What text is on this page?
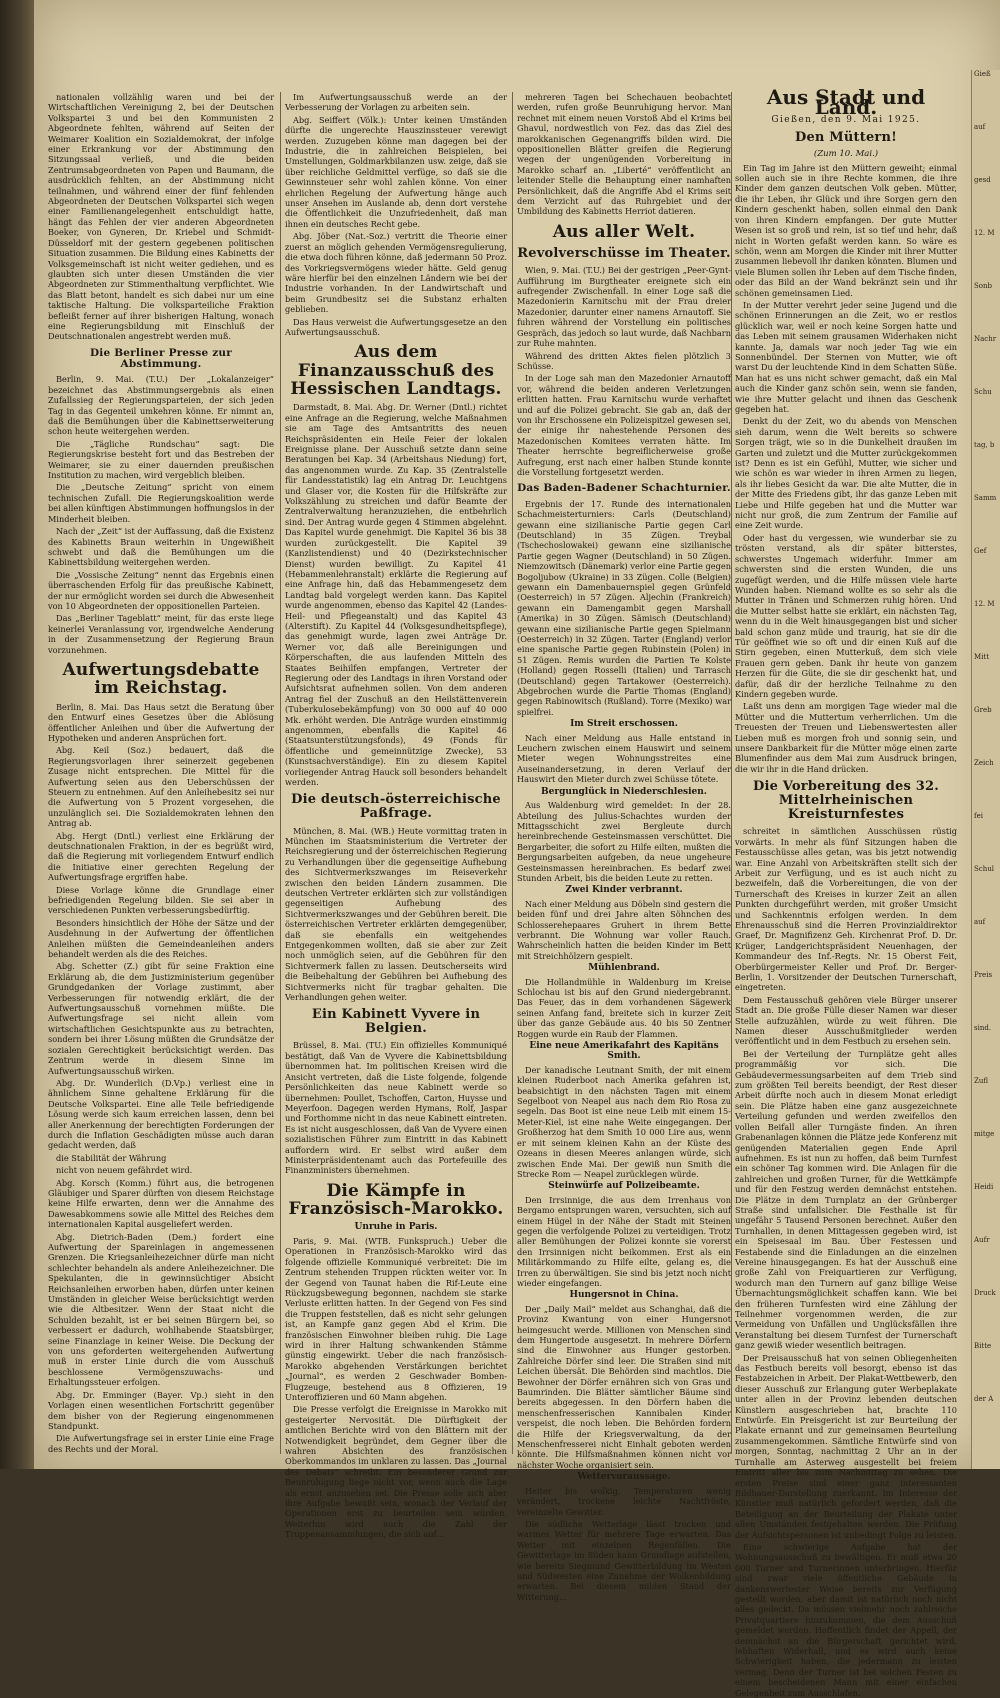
nationalen vollzählig waren und bei der Wirtschaftlichen Vereinigung 2, bei der Deutschen Volkspartei 3 und bei den Kommunisten 2 Abgeordnete fehlten, während auf Seiten der Weimarer Koalition ein Sozialdemokrat, der infolge einer Erkrankung vor der Abstimmung den Sitzungssaal verließ, und die beiden Zentrumsabgeordneten von Papen und Baumann, die ausdrücklich fehlten, an der Abstimmung nicht teilnahmen, und während einer der fünf fehlenden Abgeordneten der Deutschen Volkspartei sich wegen einer Familienangelegenheit entschuldigt hatte, hängt das Fehlen der vier anderen Abgeordneten Boeker, von Gyneren, Dr. Kriebel und Schmidt-Düsseldorf mit der gestern gegebenen politischen Situation zusammen. Die Bildung eines Kabinetts der Volksgemeinschaft ist nicht weiter gediehen, und es glaubten sich unter diesen Umständen die vier Abgeordneten zur Stimmenthaltung verpflichtet. Wie das Blatt betont, handelt es sich dabei nur um eine taktische Haltung. Die volksparteiliche Fraktion befleißt ferner auf ihrer bisherigen Haltung, wonach eine Regierungsbildung mit Einschluß der Deutschnationalen angestrebt werden muß.

Die Berliner Presse zur Abstimmung.

Berlin, 9. Mai. (T.U.) Der „Lokalanzeiger“ bezeichnet das Abstimmungsergebnis als einen Zufallssieg der Regierungsparteien, der sich jeden Tag in das Gegenteil umkehren könne. Er nimmt an, daß die Bemühungen über die Kabinettserweiterung schon heute weitergehen werden.

Die „Tägliche Rundschau“ sagt: Die Regierungskrise besteht fort und das Bestreben der Weimarer, sie zu einer dauernden preußischen Institution zu machen, wird vergeblich bleiben.

Die „Deutsche Zeitung“ spricht von einem technischen Zufall. Die Regierungskoalition werde bei allen künftigen Abstimmungen hoffnungslos in der Minderheit bleiben.

Nach der „Zeit“ ist der Auffassung, daß die Existenz des Kabinetts Braun weiterhin in Ungewißheit schwebt und daß die Bemühungen um die Kabinettsbildung weitergehen werden.

Die „Vossische Zeitung“ nennt das Ergebnis einen überraschenden Erfolg für das preußische Kabinett, der nur ermöglicht worden sei durch die Abwesenheit von 10 Abgeordneten der oppositionellen Parteien.

Das „Berliner Tageblatt“ meint, für das erste liege keinerlei Veranlassung vor, irgendwelche Aenderung in der Zusammensetzung der Regierung Braun vorzunehmen.

Aufwertungsdebatte im Reichstag.

Berlin, 8. Mai. Das Haus setzt die Beratung über den Entwurf eines Gesetzes über die Ablösung öffentlicher Anleihen und über die Aufwertung der Hypotheken und anderen Ansprüchen fort.

Abg. Keil (Soz.) bedauert, daß die Regierungsvorlagen ihrer seinerzeit gegebenen Zusage nicht entsprechen. Die Mittel für die Aufwertung seien aus den Ueberschüssen der Steuern zu entnehmen. Auf den Anleihebesitz sei nur die Aufwertung von 5 Prozent vorgesehen, die unzulänglich sei. Die Sozialdemokraten lehnen den Antrag ab.

Abg. Hergt (Dntl.) verliest eine Erklärung der deutschnationalen Fraktion, in der es begrüßt wird, daß die Regierung mit vorliegendem Entwurf endlich die Initiative einer gerechten Regelung der Aufwertungsfrage ergriffen habe.

Diese Vorlage könne die Grundlage einer befriedigenden Regelung bilden. Sie sei aber in verschiedenen Punkten verbesserungsbedürftig.

Besonders hinsichtlich der Höhe der Sätze und der Ausdehnung in der Aufwertung der öffentlichen Anleihen müßten die Gemeindeanleihen anders behandelt werden als die des Reiches.

Abg. Schetter (Z.) gibt für seine Fraktion eine Erklärung ab, die dem Justizministerium gegenüber Grundgedanken der Vorlage zustimmt, aber Verbesserungen für notwendig erklärt, die der Aufwertungsausschuß vornehmen müßte. Die Aufwertungsfrage sei nicht allein vom wirtschaftlichen Gesichtspunkte aus zu betrachten, sondern bei ihrer Lösung müßten die Grundsätze der sozialen Gerechtigkeit berücksichtigt werden. Das Zentrum werde in diesem Sinne im Aufwertungsausschuß wirken.

Abg. Dr. Wunderlich (D.Vp.) verliest eine in ähnlichem Sinne gehaltene Erklärung für die Deutsche Volkspartei. Eine alle Teile befriedigende Lösung werde sich kaum erreichen lassen, denn bei aller Anerkennung der berechtigten Forderungen der durch die Inflation Geschädigten müsse auch daran gedacht werden, daß

die Stabilität der Währung

nicht von neuem gefährdet wird.

Abg. Korsch (Komm.) führt aus, die betrogenen Gläubiger und Sparer dürften von diesem Reichstage keine Hilfe erwarten, denn wer die Annahme des Dawesabkommens sowie alle Mittel des Reiches dem internationalen Kapital ausgeliefert werden.

Abg. Dietrich-Baden (Dem.) fordert eine Aufwertung der Spareinlagen in angemessenen Grenzen. Die Kriegsanleihezeichner dürfe man nicht schlechter behandeln als andere Anleihezeichner. Die Spekulanten, die in gewinnsüchtiger Absicht Reichsanleihen erworben haben, dürfen unter keinen Umständen in gleicher Weise berücksichtigt werden wie die Altbesitzer. Wenn der Staat nicht die Schulden bezahlt, ist er bei seinen Bürgern bei, so verbessert er dadurch, wohlhabende Staatsbürger, seine Finanzlage in keiner Weise. Die Deckung der von uns geforderten weitergehenden Aufwertung muß in erster Linie durch die vom Ausschuß beschlossene Vermögenszuwachs- und Erhaltungssteuer erfolgen.

Abg. Dr. Emminger (Bayer. Vp.) sieht in den Vorlagen einen wesentlichen Fortschritt gegenüber dem bisher von der Regierung eingenommenen Standpunkt.

Die Aufwertungsfrage sei in erster Linie eine Frage des Rechts und der Moral.

Im Aufwertungsausschuß werde an der Verbesserung der Vorlagen zu arbeiten sein.

Abg. Seiffert (Völk.): Unter keinen Umständen dürfte die ungerechte Hauszinssteuer verewigt werden. Zuzugeben könne man dagegen bei der Industrie, die in zahlreichen Beispielen, bei Umstellungen, Goldmarkbilanzen usw. zeige, daß sie über reichliche Geldmittel verfüge, so daß sie die Gewinnsteuer sehr wohl zahlen könne. Von einer ehrlichen Regelung der Aufwertung hänge auch unser Ansehen im Auslande ab, denn dort verstehe die Öffentlichkeit die Unzufriedenheit, daß man ihnen ein deutsches Recht gebe.

Abg. Jöber (Nat.-Soz.) vertritt die Theorie einer zuerst an möglich gehenden Vermögensregulierung, die etwa doch führen könne, daß jedermann 50 Proz. des Vorkriegsvermögens wieder hätte. Geld genug wäre hierfür bei den einzelnen Ländern wie bei der Industrie vorhanden. In der Landwirtschaft und beim Grundbesitz sei die Substanz erhalten geblieben.

Das Haus verweist die Aufwertungsgesetze an den Aufwertungsausschuß.

Aus dem Finanzausschuß des Hessischen Landtags.

Darmstadt, 8. Mai. Abg. Dr. Werner (Dntl.) richtet eine Anfrage an die Regierung, welche Maßnahmen sie am Tage des Amtsantritts des neuen Reichspräsidenten ein Heile Feier der lokalen Ereignisse plane. Der Ausschuß setzte dann seine Beratungen bei Kap. 34 (Arbeitshaus Niedung) fort, das angenommen wurde. Zu Kap. 35 (Zentralstelle für Landesstatistik) lag ein Antrag Dr. Leuchtgens und Glaser vor, die Kosten für die Hilfskräfte zur Volkszählung zu streichen und dafür Beamte der Zentralverwaltung heranzuziehen, die entbehrlich sind. Der Antrag wurde gegen 4 Stimmen abgelehnt. Das Kapitel wurde genehmigt. Die Kapitel 36 bis 38 wurden zurückgestellt. Die Kapitel 39 (Kanzlistendienst) und 40 (Dezirkstechnischer Dienst) wurden bewilligt. Zu Kapitel 41 (Hebammenlehranstalt) erklärte die Regierung auf eine Anfrage hin, daß das Hebammengesetz dem Landtag bald vorgelegt werden kann. Das Kapitel wurde angenommen, ebenso das Kapitel 42 (Landes-Heil- und Pflegeanstalt) und das Kapitel 43 (Alterstift). Zu Kapitel 44 (Volksgesundheitspflege), das genehmigt wurde, lagen zwei Anträge Dr. Werner vor, daß alle Bereinigungen und Körperschaften, die aus laufenden Mitteln des Staates Beihilfen empfangen, Vertreter der Regierung oder des Landtags in ihren Vorstand oder Aufsichtsrat aufnehmen sollen. Von dem anderen Antrag fiel der Zuschuß an den Heilstättenverein (Tuberkulosebekämpfung) von 30 000 auf 40 000 Mk. erhöht werden. Die Anträge wurden einstimmig angenommen, ebenfalls die Kapitel 46 (Staatsunterstützungsfonds), 49 (Fonds für öffentliche und gemeinnützige Zwecke), 53 (Kunstsachverständige). Ein zu diesem Kapitel vorliegender Antrag Hauck soll besonders behandelt werden.

Die deutsch-österreichische Paßfrage.

München, 8. Mai. (WB.) Heute vormittag traten in München im Staatsministerium die Vertreter der Reichsregierung und der österreichischen Regierung zu Verhandlungen über die gegenseitige Aufhebung des Sichtvermerkszwanges im Reiseverkehr zwischen den beiden Ländern zusammen. Die deutschen Vertreter erklärten sich zur vollständigen gegenseitigen Aufhebung des Sichtvermerkszwanges und der Gebühren bereit. Die österreichischen Vertreter erklärten demgegenüber, daß sie ebenfalls ein weitgehendes Entgegenkommen wollten, daß sie aber zur Zeit noch unmöglich seien, auf die Gebühren für den Sichtvermerk fallen zu lassen. Deutscherseits wird die Beibehaltung der Gebühren bei Aufhebung des Sichtvermerks nicht für tragbar gehalten. Die Verhandlungen gehen weiter.

Ein Kabinett Vyvere in Belgien.

Brüssel, 8. Mai. (TU.) Ein offizielles Kommuniqué bestätigt, daß Van de Vyvere die Kabinettsbildung übernommen hat. Im politischen Kreisen wird die Ansicht vertreten, daß die Liste folgende, folgende Persönlichkeiten das neue Kabinett werde so übernehmen: Poullet, Tschoffen, Carton, Huysse und Meyerfoon. Dagegen werden Hymans, Rolf, Jaspar und Forthomme nicht in das neue Kabinett eintreten. Es ist nicht ausgeschlossen, daß Van de Vyvere einen sozialistischen Führer zum Eintritt in das Kabinett auffordern wird. Er selbst wird außer dem Ministerpräsidentenamt auch das Portefeuille des Finanzministers übernehmen.

Die Kämpfe in Französisch-Marokko.
Unruhe in Paris.

Paris, 9. Mai. (WTB. Funkspruch.) Ueber die Operationen in Französisch-Marokko wird das folgende offizielle Kommuniqué verbreitet: Die im Zentrum stehenden Truppen rückten weiter vor. In der Gegend von Taunat haben die Rif-Leute eine Rückzugsbewegung begonnen, nachdem sie starke Verluste erlitten hatten. In der Gegend von Fes sind die Truppen feststellen, daß es nicht sehr gelungen ist, an Kampfe ganz gegen Abd el Krim. Die französischen Einwohner bleiben ruhig. Die Lage wird in ihrer Haltung schwankenden Stämme günstig eingewirkt. Ueber die nach französisch-Marokko abgehenden Verstärkungen berichtet „Journal“, es werden 2 Geschwader Bomben-Flugzeuge, bestehend aus 8 Offizieren, 19 Unteroffizieren und 60 Mann abgehen.

Die Presse verfolgt die Ereignisse in Marokko mit gesteigerter Nervosität. Die Dürftigkeit der amtlichen Berichte wird von den Blättern mit der Notwendigkeit begründet, dem Gegner über die wahren Absichten des französischen Oberkommandos im unklaren zu lassen. Das „Journal des Debats“ schreibt: Ein besonderer Grund zur Beunruhigung liege nicht vor, wenn auch die Lage als ernst anzusehen sei. Die Presse solle sich aber ihre Aufgabe bewußt sein, wonach der Verlauf der Operationen erst zu beurteilen sein würden. Weiterhin wird auch die Zahl der Truppenansammlungen, die sich auf...

mehreren Tagen bei Schechauen beobachtet werden, rufen große Beunruhigung hervor. Man rechnet mit einem neuen Vorstoß Abd el Krims bei Ghavul, nordwestlich von Fez. das das Ziel des marokkanischen Gegenangriffs bilden wird. Die oppositionellen Blätter greifen die Regierung wegen der ungenügenden Vorbereitung in Marokko scharf an. „Liberté“ veröffentlicht an leitender Stelle die Behauptung einer namhaften Persönlichkeit, daß die Angriffe Abd el Krims seit dem Verzicht auf das Ruhrgebiet und der Umbildung des Kabinetts Herriot datieren.

Aus aller Welt.
Revolverschüsse im Theater.

Wien, 9. Mai. (T.U.) Bei der gestrigen „Peer-Gynt-Aufführung im Burgtheater ereignete sich ein aufregender Zwischenfall. In einer Loge saß die Mazedonierin Karnitschu mit der Frau dreier Mazedonier, darunter einer namens Arnautoff. Sie fuhren während der Vorstellung ein politisches Gespräch, das jedoch so laut wurde, daß Nachbarn zur Ruhe mahnten.

Während des dritten Aktes fielen plötzlich 3 Schüsse.

In der Loge sah man den Mazedonier Arnautoff vor, während die beiden anderen Verletzungen erlitten hatten. Frau Karnitschu wurde verhaftet und auf die Polizei gebracht. Sie gab an, daß der von ihr Erschossene ein Polizeispitzel gewesen sei, der einige ihr nahestehende Personen des Mazedonischen Komitees verraten hätte. Im Theater herrschte begreiflicherweise große Aufregung, erst nach einer halben Stunde konnte die Vorstellung fortgesetzt werden.

Das Baden-Badener Schachturnier.

Ergebnis der 17. Runde des internationalen Schachmeisterturniers: Carls (Deutschland) gewann eine sizilianische Partie gegen Carl (Deutschland) in 35 Zügen. Treybal (Tschechoslowakei) gewann eine sizilianische Partie gegen Wagner (Deutschland) in 50 Zügen. Niemzowitsch (Dänemark) verlor eine Partie gegen Bogoljubow (Ukraine) in 33 Zügen. Colle (Belgien) gewann ein Damenbauernspiel gegen Grünfeld (Oesterreich) in 57 Zügen. Aljechin (Frankreich) gewann ein Damengambit gegen Marshall (Amerika) in 30 Zügen. Sämisch (Deutschland) gewann eine sizilianische Partie gegen Spielmann (Oesterreich) in 32 Zügen. Tarter (England) verlor eine spanische Partie gegen Rubinstein (Polen) in 51 Zügen. Remis wurden die Partien Te Kolste (Holland) gegen Rosselli (Italien) und Tarrasch (Deutschland) gegen Tartakower (Oesterreich). Abgebrochen wurde die Partie Thomas (England) gegen Rabinowitsch (Rußland). Torre (Mexiko) war spielfrei.

Im Streit erschossen.

Nach einer Meldung aus Halle entstand in Leuchern zwischen einem Hauswirt und seinem Mieter wegen Wohnungsstreites eine Auseinandersetzung, in deren Verlauf der Hauswirt den Mieter durch zwei Schüsse tötete.

Bergunglück in Niederschlesien.

Aus Waldenburg wird gemeldet: In der 28. Abteilung des Julius-Schachtes wurden der Mittagsschicht zwei Bergleute durch hereinbrechende Gesteinsmassen verschüttet. Die Bergarbeiter, die sofort zu Hilfe eilten, mußten die Bergungsarbeiten aufgeben, da neue ungeheure Gesteinsmassen hereinbrachen. Es bedarf zwei Stunden Arbeit, bis die beiden Leute zu retten.

Zwei Kinder verbrannt.

Nach einer Meldung aus Döbeln sind gestern die beiden fünf und drei Jahre alten Söhnchen des Schlosserehepaares Gruhert in ihrem Bette verbrannt. Die Wohnung war voller Rauch. Wahrscheinlich hatten die beiden Kinder im Bett mit Streichhölzern gespielt.

Mühlenbrand.

Die Hollandmühle in Waldenburg im Kreise Schlochau ist bis auf den Grund niedergebrannt. Das Feuer, das in dem vorhandenen Sägewerk seinen Anfang fand, breitete sich in kurzer Zeit über das ganze Gebäude aus. 40 bis 50 Zentner Roggen wurde ein Raub der Flammen.

Eine neue Amerikafahrt des Kapitäns Smith.

Der kanadische Leutnant Smith, der mit einem kleinen Ruderboot nach Amerika gefahren ist, beabsichtigt in den nächsten Tagen mit einem Segelboot von Neapel aus nach dem Rio Rosa zu segeln. Das Boot ist eine neue Leib mit einem 15-Meter-Kiel, ist eine nahe Weite eingegangen. Der Großherzog hat dem Smith 10 000 Lire aus, wenn er mit seinem kleinen Kahn an der Küste des Ozeans in diesen Meeres anlangen würde, sich zwischen Ende Mai. Der gewiß nun Smith die Strecke Rom — Neapel zurücklegen würde.

Steinwürfe auf Polizeibeamte.

Den Irrsinnige, die aus dem Irrenhaus von Bergamo entsprungen waren, versuchten, sich auf einem Hügel in der Nähe der Stadt mit Steinen gegen die verfolgende Polizei zu verteidigen. Trotz aller Bemühungen der Polizei konnte sie vorerst den Irrsinnigen nicht beikommen. Erst als ein Militärkommando zu Hilfe eilte, gelang es, die Irren zu überwältigen. Sie sind bis jetzt noch nicht wieder eingefangen.

Hungersnot in China.

Der „Daily Mail“ meldet aus Schanghai, daß die Provinz Kwantung von einer Hungersnot heimgesucht werde. Millionen von Menschen sind dem Hungertode ausgesetzt. In mehrere Dörfern sind die Einwohner aus Hunger gestorben. Zahlreiche Dörfer sind leer. Die Straßen sind mit Leichen übersät. Die Behörden sind machtlos. Die Bewohner der Dörfer ernähren sich von Gras und Baumrinden. Die Blätter sämtlicher Bäume sind bereits abgegessen. In den Dörfern haben die menschenfresserischen Kannibalen Kinder verspeist, die noch leben. Die Behörden fordern die Hilfe der Kriegsverwaltung, da der Menschenfresserei nicht Einhalt geboten werden könnte. Die Hilfsmaßnahmen können nicht vor nächster Woche organisiert sein.

Wettervoraussage.

Heiter bis wolkig, Temperaturen wenig verändert, trockene leichte Nachtfröste, vereinzelte Gewitter.

Die südliche Wetterlage lässt trocken und warmes Wetter für mehrere Tage erwarten. Das Wetter mit einzelnen Regenfällen. Die Gewitterlage im Süden kann Grundlage aufstellen, wie bereits Siegmund Gewitterbildung im Westen und Südwesten eine Zunahme der Wolkenbildung erwarten. Bei diesem milden Stand der Witterung...

Aus Stadt und Land.
Gießen, den 9. Mai 1925.
Den Müttern!
(Zum 10. Mai.)

Ein Tag im Jahre ist den Müttern geweiht; einmal sollen auch sie in ihre Rechte kommen, die ihre Kinder dem ganzen deutschen Volk geben. Mütter, die ihr Leben, ihr Glück und ihre Sorgen gern den Kindern geschenkt haben, sollen einmal den Dank von ihren Kindern empfangen. Der gute Mutter Wesen ist so groß und rein, ist so tief und hehr, daß nicht in Worten gefaßt werden kann. So wäre es schön, wenn am Morgen die Kinder mit ihrer Mutter zusammen liebevoll ihr danken könnten. Blumen und viele Blumen sollen ihr Leben auf dem Tische finden, oder das Bild an der Wand bekränzt sein und ihr schönen gemeinsamen Lied.

In der Mutter verehrt jeder seine Jugend und die schönen Erinnerungen an die Zeit, wo er restlos glücklich war, weil er noch keine Sorgen hatte und das Leben mit seinem grausamen Widerhaken nicht kannte. Ja, damals war noch jeder Tag wie ein Sonnenbündel. Der Sternen von Mutter, wie oft warst Du der leuchtende Kind in dem Schatten Süße. Man hat es uns nicht schwer gemacht, daß ein Mal auch die Kinder ganz schön sein, wenn sie fanden, wie ihre Mutter gelacht und ihnen das Geschenk gegeben hat.

Denkt du der Zeit, wo du abends von Menschen sieh darum, wenn die Welt bereits so schwere Sorgen trägt, wie so in die Dunkelheit draußen im Garten und zuletzt und die Mutter zurückgekommen ist? Denn es ist ein Gefühl, Mutter, wie sicher und wie schön es war wieder in ihren Armen zu liegen, als ihr liebes Gesicht da war. Die alte Mutter, die in der Mitte des Friedens gibt, ihr das ganze Leben mit Liebe und Hilfe gegeben hat und die Mutter war nicht nur groß, die zum Zentrum der Familie auf eine Zeit wurde.

Oder hast du vergessen, wie wunderbar sie zu trösten verstand, als dir später bitterstes, schwerstes Ungemach widerfuhr. Immer am schwersten sind die ersten Wunden, die uns zugefügt werden, und die Hilfe müssen viele harte Wunden haben. Niemand wollte es so sehr als die Mutter in Tränen und Schmerzen ruhig hören. Und die Mutter selbst hatte sie erklärt, ein nächsten Tag, wenn du in die Welt hinausgegangen bist und sicher bald schon ganz müde und traurig, hat sie dir die Tür geöffnet wie so oft und dir einen Kuß auf die Stirn gegeben, einen Mutterkuß, dem sich viele Frauen gern geben. Dank ihr heute von ganzem Herzen für die Güte, die sie dir geschenkt hat, und dafür, daß dir der herzliche Teilnahme zu den Kindern gegeben wurde.

Laßt uns denn am morgigen Tage wieder mal die Mütter und die Muttertum verherrlichen. Um die Treuesten der Treuen und Liebenswertesten aller Lieben muß es morgen froh und sonnig sein, und unsere Dankbarkeit für die Mütter möge einen zarte Blumenfinder aus dem Mai zum Ausdruck bringen, die wir ihr in die Hand drücken.

Die Vorbereitung des 32. Mittelrheinischen Kreisturnfestes

schreitet in sämtlichen Ausschüssen rüstig vorwärts. In mehr als fünf Sitzungen haben die Festausschüsse alles getan, was bis jetzt notwendig war. Eine Anzahl von Arbeitskräften stellt sich der Arbeit zur Verfügung, und es ist auch nicht zu bezweifeln, daß die Vorbereitungen, die von der Turnerschaft des Kreises in kurzer Zeit an allen Punkten durchgeführt werden, mit großer Umsicht und Sachkenntnis erfolgen werden. In dem Ehrenausschuß sind die Herren Provinzialdirektor Graef, Dr. Magnifizenz Geh. Kirchenrat Prof. D. Dr. Krüger, Landgerichtspräsident Neuenhagen, der Kommandeur des Inf.-Regts. Nr. 15 Oberst Feit, Oberbürgermeister Keller und Prof. Dr. Berger-Berlin, 1. Vorsitzender der Deutschen Turnerschaft, eingetreten.

Dem Festausschuß gehören viele Bürger unserer Stadt an. Die große Fülle dieser Namen war dieser Stelle aufzuzählen, würde zu weit führen. Die Namen dieser Ausschußmitglieder werden veröffentlicht und in dem Festbuch zu ersehen sein.

Bei der Verteilung der Turnplätze geht alles programmäßig vor sich. Die Gebäudevermessungsarbeiten auf dem Trieb sind zum größten Teil bereits beendigt, der Rest dieser Arbeit dürfte noch auch in diesem Monat erledigt sein. Die Plätze haben eine ganz ausgezeichnete Verteilung gefunden und werden zweifellos den vollen Beifall aller Turngäste finden. An ihren Grabenanlagen können die Plätze jede Konferenz mit genügenden Materialien gegen Ende April aufnehmen. Es ist nun zu hoffen, daß beim Turnfest ein schöner Tag kommen wird. Die Anlagen für die zahlreichen und großen Turner, für die Wettkämpfe und für den Festzug werden demnächst entstehen. Die Plätze in dem Turnplatz an der Grünberger Straße sind unfallsicher. Die Festhalle ist für ungefähr 5 Tausend Personen berechnet. Außer den Turnhallen, in denen Mittagessen gegeben wird, ist ein Speisesaal im Bau. Über Festessen und Festabende sind die Einladungen an die einzelnen Vereine hinausgegangen. Es hat der Ausschuß eine große Zahl von Freiquartieren zur Verfügung, wodurch man den Turnern auf ganz billige Weise Übernachtungsmöglichkeit schaffen kann. Wie bei den früheren Turnfesten wird eine Zählung der Teilnehmer vorgenommen werden, die zur Vermeidung von Unfällen und Unglücksfällen ihre Veranstaltung bei diesem Turnfest der Turnerschaft ganz gewiß wieder wesentlich beitragen.

Der Preisausschuß hat von seinen Obliegenheiten das Festbuch bereits voll besorgt, ebenso ist das Festabzeichen in Arbeit. Der Plakat-Wettbewerb, den dieser Ausschuß zur Erlangung guter Werbeplakate unter allen in der Provinz lebenden deutschen Künstlern ausgeschrieben hat, brachte 110 Entwürfe. Ein Preisgericht ist zur Beurteilung der Plakate ernannt und zur gemeinsamen Beurteilung zusammengekommen. Sämtliche Entwürfe sind von morgen, Sonntag, nachmittag 2 Uhr an in der Turnhalle am Asterweg ausgestellt bei freiem Eintritt aller bis zum Nachmittag zu sehen. Die ersten Preise sind einer ganz interessanten Bildhauer-Darstellung zuerkannt. Im Interesse der Künstler muß natürlich gefordert werden, daß die Beteiligung an der Beurteilung der Plakate unter allen Umständen festgehalten werden. Die Prüfung der Aufsichtspersonen ist unbedingt Folge zu leisten.

Eine schwierige Aufgabe hat der Wohnungsausschuß zu bewältigen. Er muß etwa 20 000 Turner und Turnerinnen unterbringen. Hierfür sind zwar viele öffentliche Gebäude in dankenswertester Weise bereits zur Verfügung gestellt worden, aber damit ist natürlich noch nicht alles gedeckt. Da müssen vielmehr noch zahlreiche Privatquartiere hinzukommen, die dem Ausschuß gemeldet werden. Hoffentlich findet der Appell, der demnächst an die Bürgerschaft gerichtet wird, lebhaften Widerhall, und es wird auch keine Schwierigkeit haben, die jedermann zu leisten vermag. Denn der Turner ist bei solchen Festen zu einem bescheidenen Mann mit einer einfachen Gelegenheit zum Ausschlafen.

Gieß
auf
gesd
12. M
Sonb
Nachr
Schu
tag, b
Samm
Gef
12. M
Mitt
Greb
Zeich
fei
Schul
auf
Preis
sind.
Zufl
mitge
Heidi
Aufr
Druck
Bitte
der A
